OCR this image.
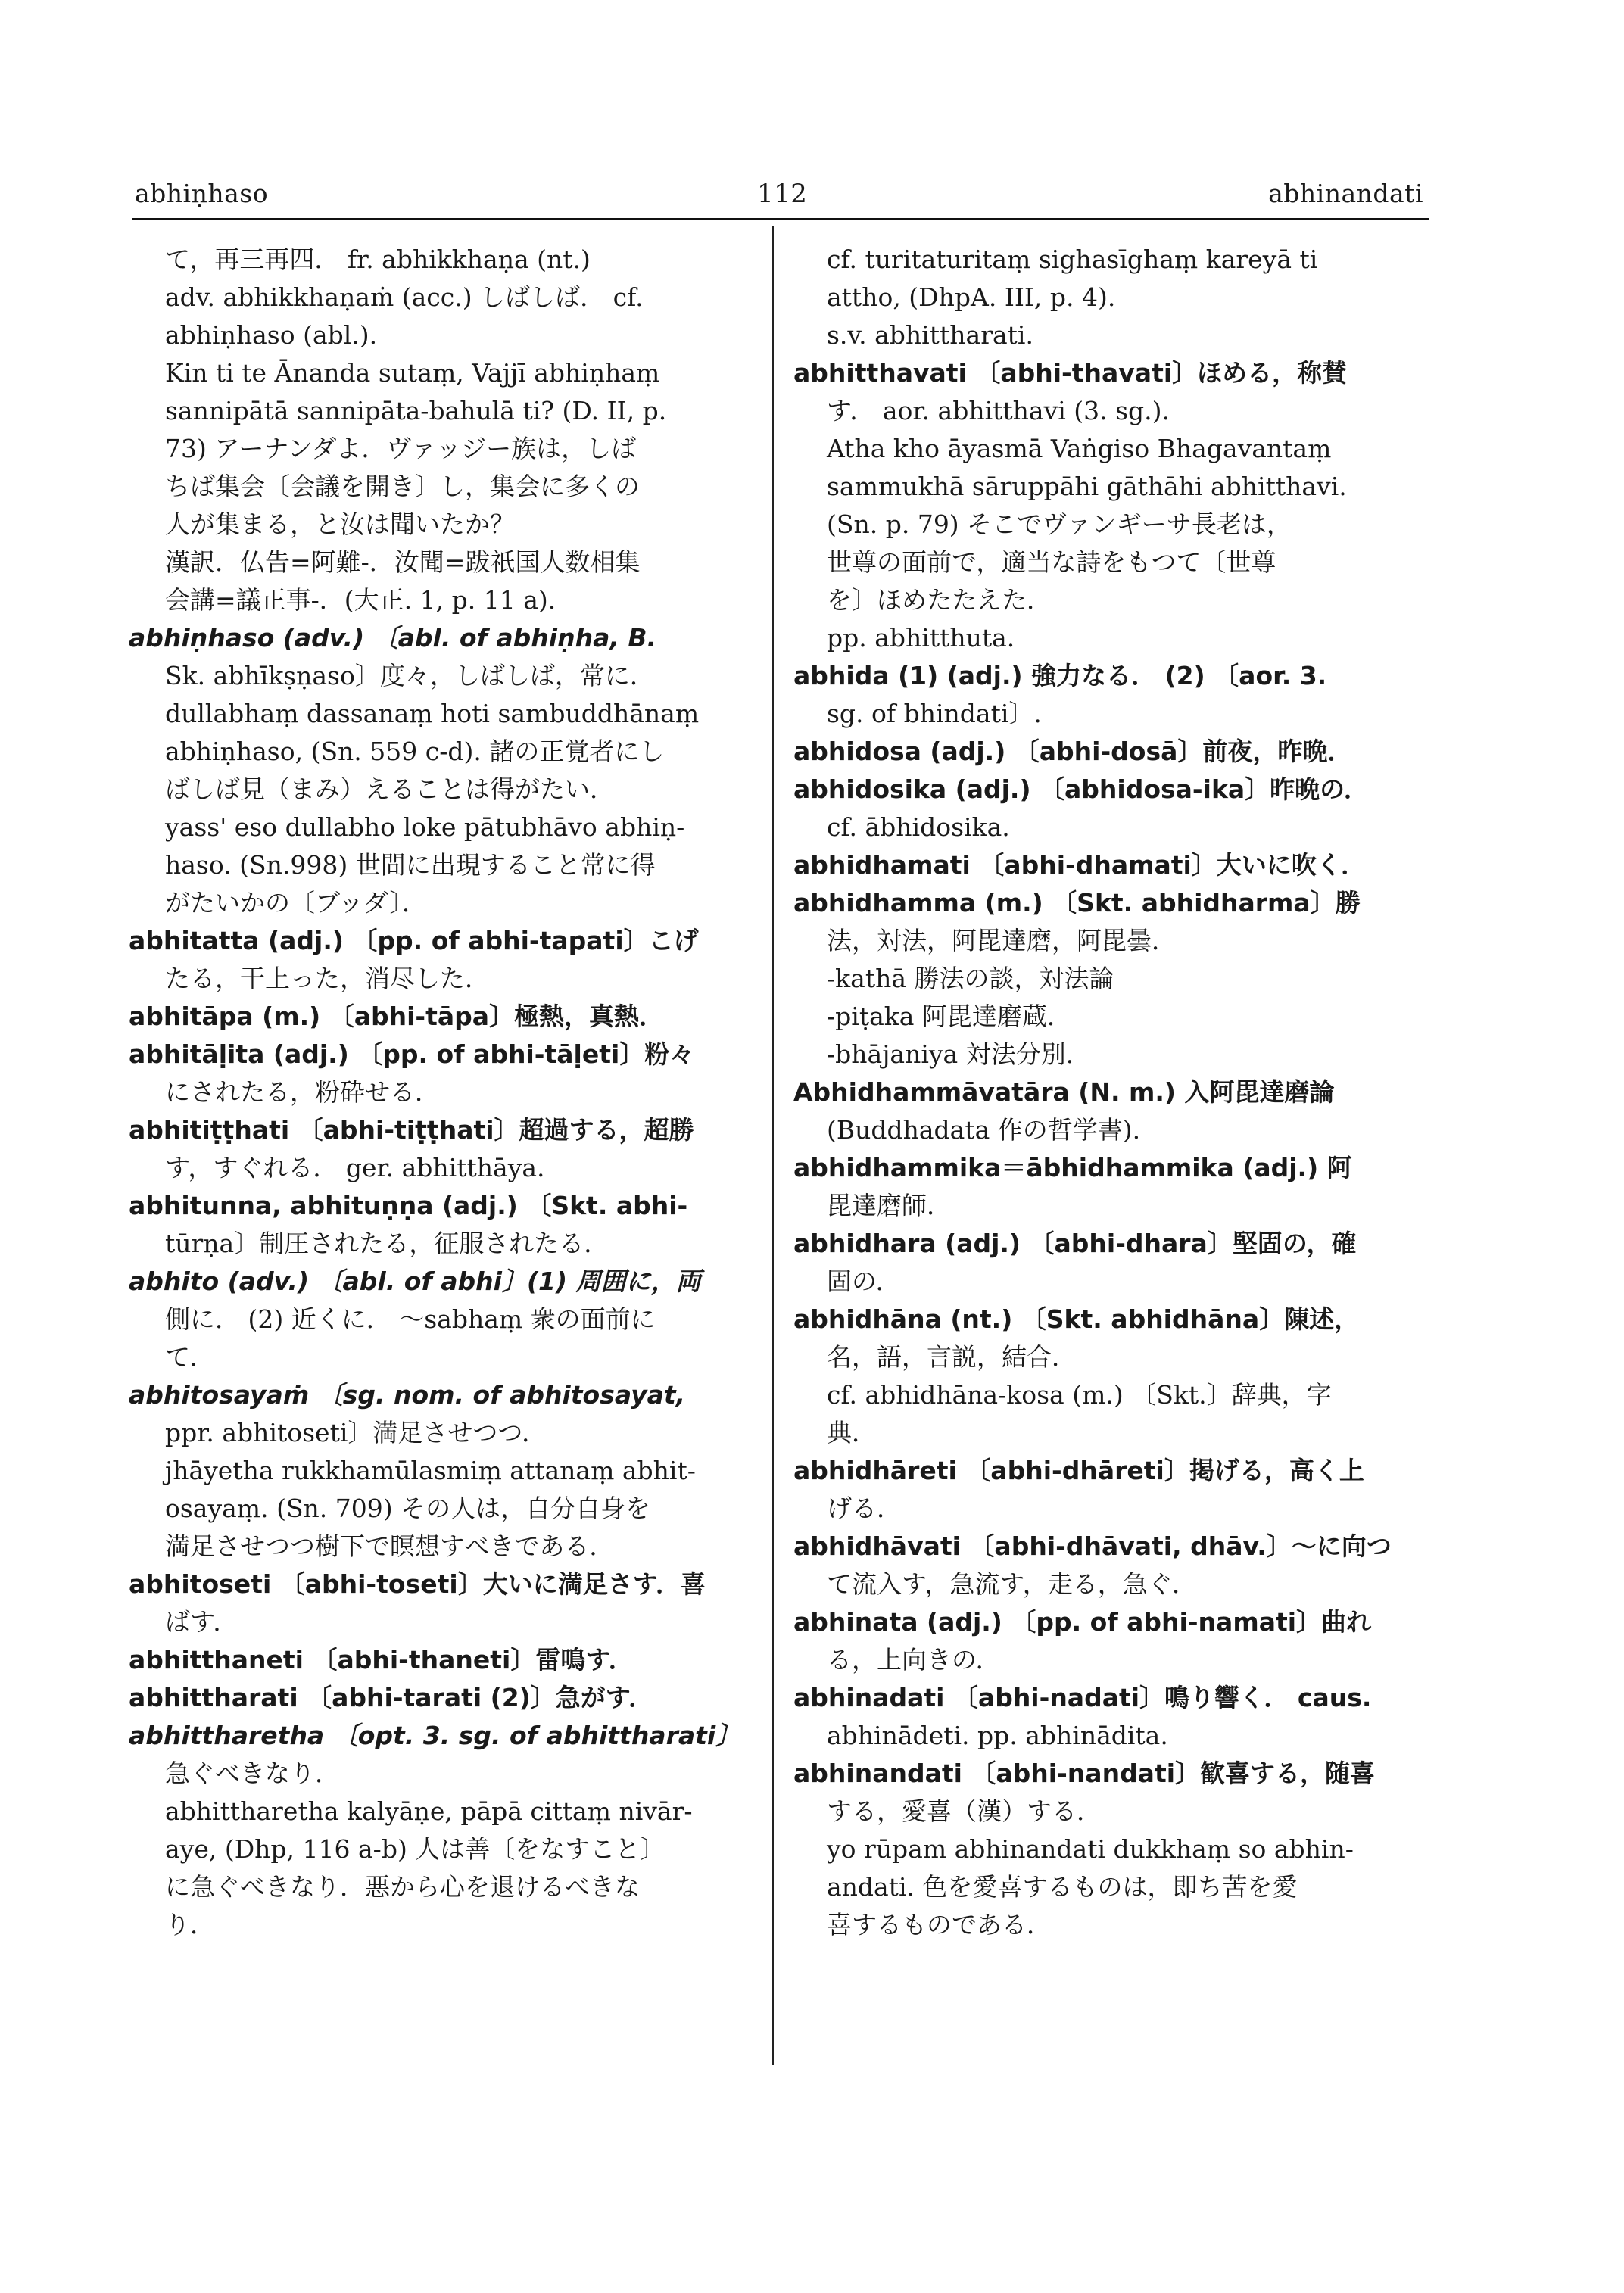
abhiṇhaso	112	abhinandati
て，再三再四． fr. abhikkhaṇa (nt.)
adv. abhikkhaṇaṁ (acc.) しばしば． cf.
abhiṇhaso (abl.).
Kin ti te Ānanda sutaṃ, Vajjī abhiṇhaṃ
sannipātā sannipāta-bahulā ti? (D. II, p.
73) アーナンダよ．ヴァッジー族は，しば
ちば集会〔会議を開き〕し，集会に多くの
人が集まる，と汝は聞いたか？
漢訳．仏告=阿難-．汝聞=跋祇国人数相集
会講=議正事-．(大正. 1, p. 11 a).
abhiṇhaso (adv.) 〔abl. of abhiṇha, B.
Sk. abhīkṣṇaso〕度々，しばしば，常に．
dullabhaṃ dassanaṃ hoti sambuddhānaṃ
abhiṇhaso, (Sn. 559 c-d). 諸の正覚者にし
ばしば見（まみ）えることは得がたい．
yass' eso dullabho loke pātubhāvo abhiṇ-
haso. (Sn.998) 世間に出現すること常に得
がたいかの〔ブッダ〕．
abhitatta (adj.) 〔pp. of abhi-tapati〕こげ
たる，干上った，消尽した．
abhitāpa (m.) 〔abhi-tāpa〕極熱，真熱．
abhitāḷita (adj.) 〔pp. of abhi-tāḷeti〕粉々
にされたる，粉砕せる．
abhitiṭṭhati 〔abhi-tiṭṭhati〕超過する，超勝
す，すぐれる． ger. abhitthāya.
abhitunna, abhituṇṇa (adj.) 〔Skt. abhi-
tūrṇa〕制圧されたる，征服されたる．
abhito (adv.) 〔abl. of abhi〕(1) 周囲に，両
側に． (2) 近くに． ～sabhaṃ 衆の面前に
て．
abhitosayaṁ 〔sg. nom. of abhitosayat,
ppr. abhitoseti〕満足させつつ．
jhāyetha rukkhamūlasmiṃ attanaṃ abhit-
osayaṃ. (Sn. 709) その人は，自分自身を
満足させつつ樹下で瞑想すべきである．
abhitoseti 〔abhi-toseti〕大いに満足さす．喜
ばす．
abhitthaneti 〔abhi-thaneti〕雷鳴す．
abhittharati 〔abhi-tarati (2)〕急がす．
abhittharetha 〔opt. 3. sg. of abhittharati〕
急ぐべきなり．
abhittharetha kalyāṇe, pāpā cittaṃ nivār-
aye, (Dhp, 116 a-b) 人は善〔をなすこと〕
に急ぐべきなり．悪から心を退けるべきな
り．
cf. turitaturitaṃ sighasīghaṃ kareyā ti
attho, (DhpA. III, p. 4).
s.v. abhittharati.
abhitthavati 〔abhi-thavati〕ほめる，称賛
す． aor. abhitthavi (3. sg.).
Atha kho āyasmā Vaṅgiso Bhagavantaṃ
sammukhā sāruppāhi gāthāhi abhitthavi.
(Sn. p. 79) そこでヴァンギーサ長老は，
世尊の面前で，適当な詩をもつて〔世尊
を〕ほめたたえた．
pp. abhitthuta.
abhida (1) (adj.) 強力なる． (2) 〔aor. 3.
sg. of bhindati〕.
abhidosa (adj.) 〔abhi-dosā〕前夜，昨晩．
abhidosika (adj.) 〔abhidosa-ika〕昨晩の．
cf. ābhidosika.
abhidhamati 〔abhi-dhamati〕大いに吹く．
abhidhamma (m.) 〔Skt. abhidharma〕勝
法，対法，阿毘達磨，阿毘曇．
-kathā 勝法の談，対法論
-piṭaka 阿毘達磨蔵．
-bhājaniya 対法分別．
Abhidhammāvatāra (N. m.) 入阿毘達磨論
(Buddhadata 作の哲学書).
abhidhammika＝ābhidhammika (adj.) 阿
毘達磨師．
abhidhara (adj.) 〔abhi-dhara〕堅固の，確
固の．
abhidhāna (nt.) 〔Skt. abhidhāna〕陳述，
名，語，言説，結合．
cf. abhidhāna-kosa (m.) 〔Skt.〕辞典，字
典．
abhidhāreti 〔abhi-dhāreti〕掲げる，高く上
げる．
abhidhāvati 〔abhi-dhāvati, dhāv.〕～に向つ
て流入す，急流す，走る，急ぐ．
abhinata (adj.) 〔pp. of abhi-namati〕曲れ
る，上向きの．
abhinadati 〔abhi-nadati〕鳴り響く． caus.
abhinādeti. pp. abhinādita.
abhinandati 〔abhi-nandati〕歓喜する，随喜
する，愛喜（漢）する．
yo rūpam abhinandati dukkhaṃ so abhin-
andati. 色を愛喜するものは，即ち苦を愛
喜するものである．
